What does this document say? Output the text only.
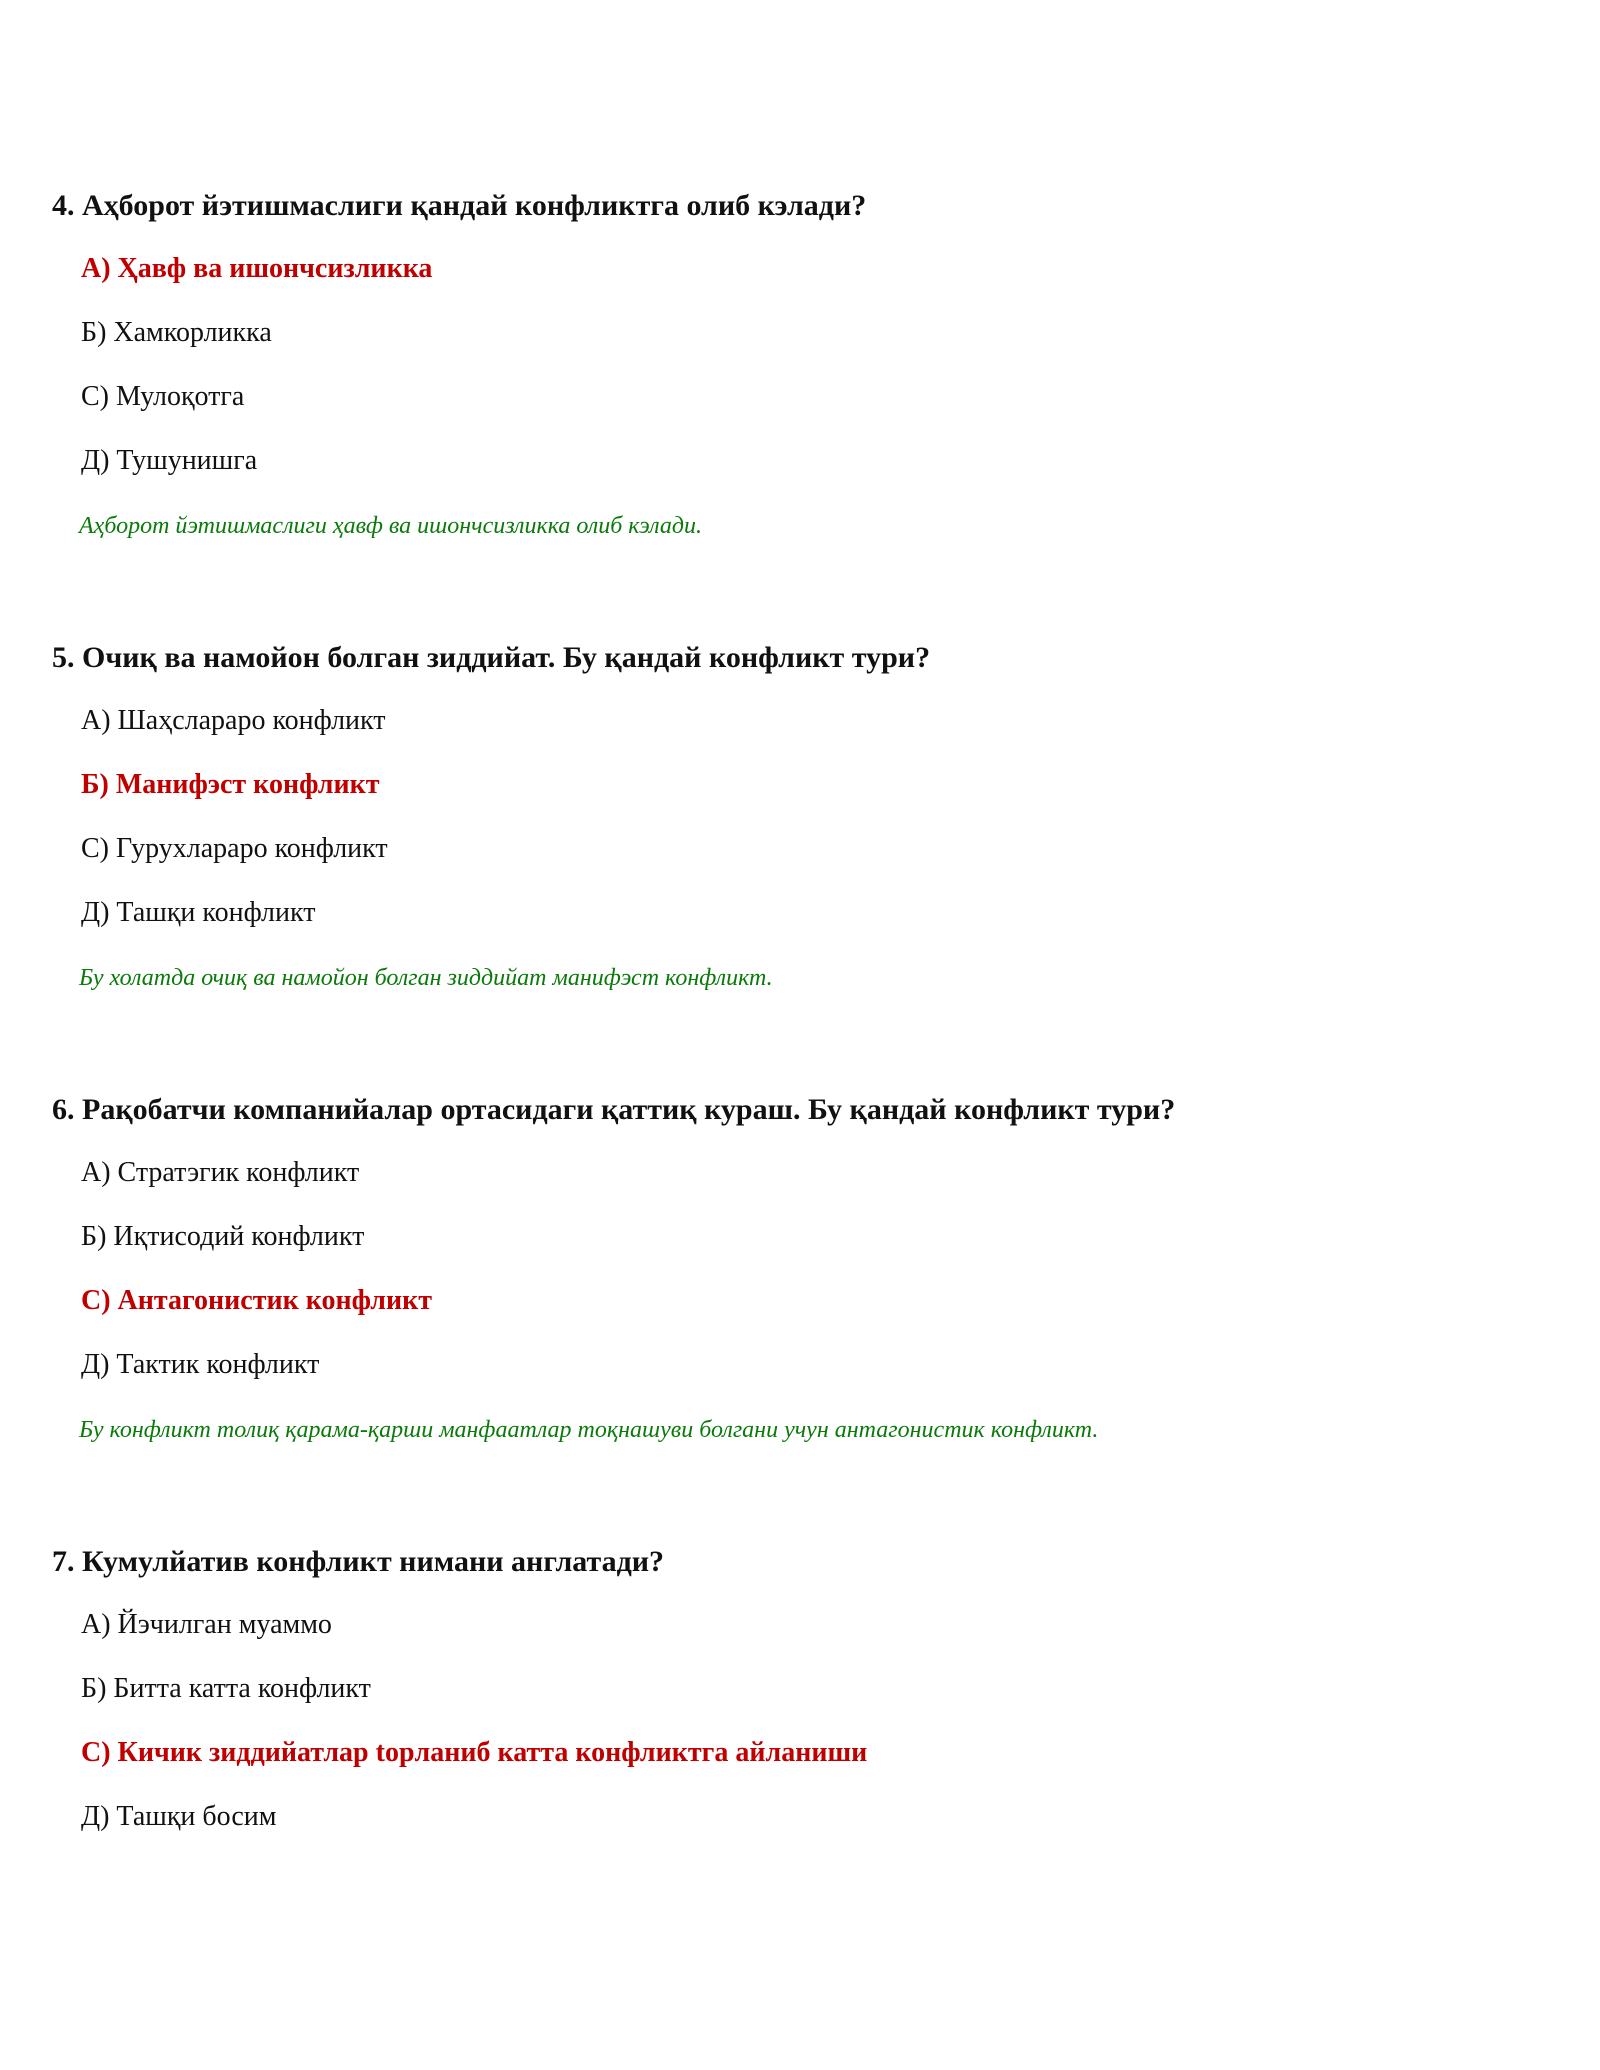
4. Аҳборот йэтишмаслиги қандай конфликтга олиб кэлади?

А) Ҳавф ва ишончсизликка

Б) Хамкорликка

С) Мулоқотга

Д) Тушунишга

Аҳборот йэтишмаслиги ҳавф ва ишончсизликка олиб кэлади.

5. Очиқ ва намойон болган зиддийат. Бу қандай конфликт тури?

А) Шаҳслараро конфликт

Б) Манифэст конфликт

С) Гурухлараро конфликт

Д) Ташқи конфликт

Бу холатда очиқ ва намойон болган зиддийат манифэст конфликт.

6. Рақобатчи компанийалар ортасидаги қаттиқ кураш. Бу қандай конфликт тури?

А) Стратэгик конфликт

Б) Иқтисодий конфликт

С) Антагонистик конфликт

Д) Тактик конфликт

Бу конфликт толиқ қарама-қарши манфаатлар тоқнашуви болгани учун антагонистик конфликт.

7. Кумулйатив конфликт нимани англатади?

А) Йэчилган муаммо

Б) Битта катта конфликт

С) Кичик зиддийатлар topланиб катта конфликтга айланиши

Д) Ташқи босим
